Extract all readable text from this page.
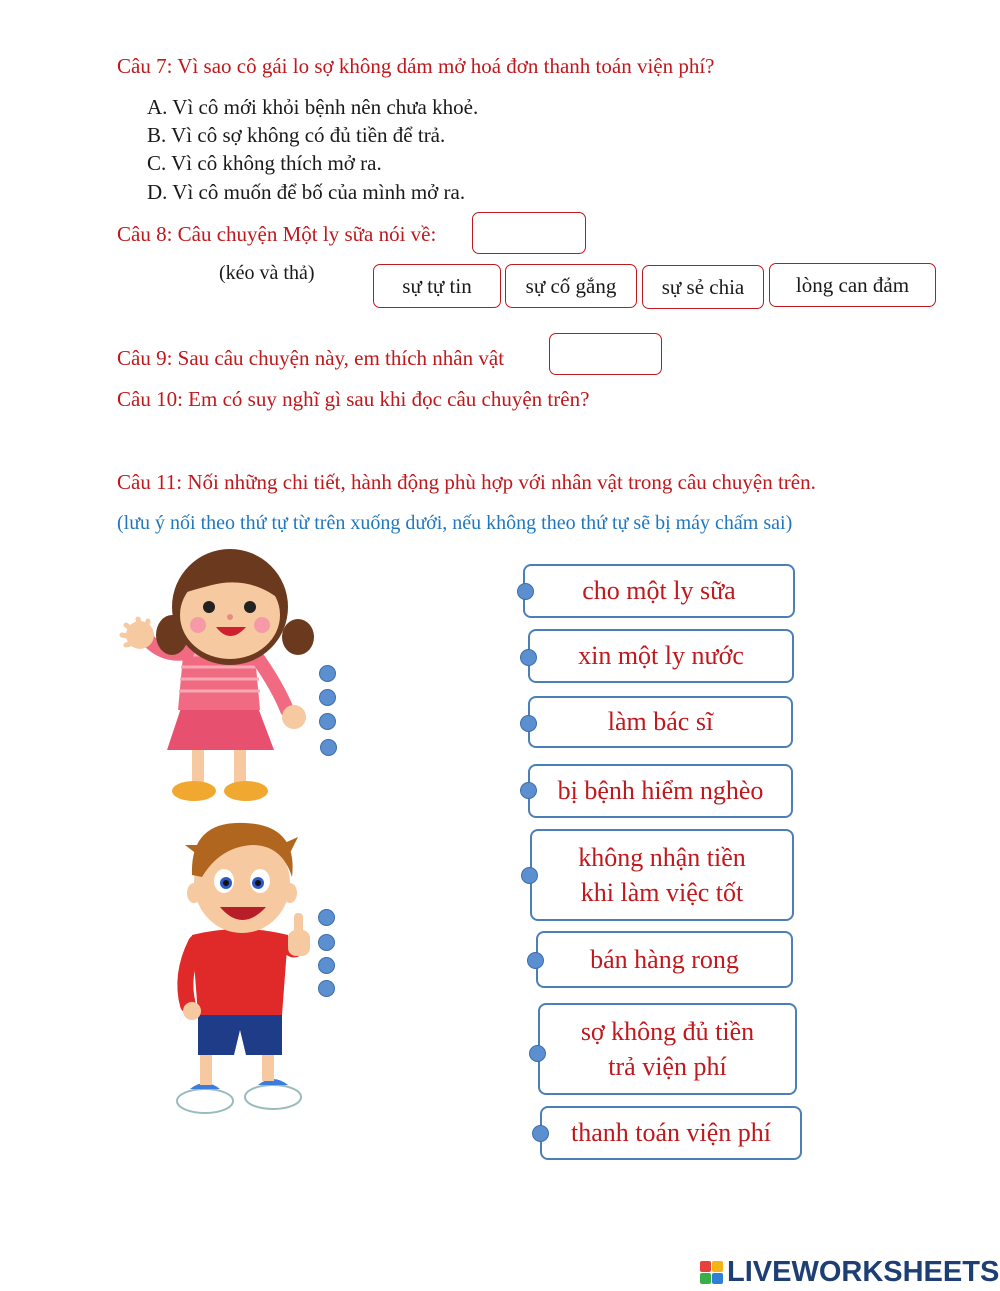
Câu 7: Vì sao cô gái lo sợ không dám mở hoá đơn thanh toán viện phí?
A. Vì cô mới khỏi bệnh nên chưa khoẻ.
B. Vì cô sợ không có đủ tiền để trả.
C. Vì cô không thích mở ra.
D. Vì cô muốn để bố của mình mở ra.
Câu 8: Câu chuyện Một ly sữa nói về:
(kéo và thả)
sự tự tin	sự cố gắng	sự sẻ chia	lòng can đảm
Câu 9: Sau câu chuyện này, em thích nhân vật
Câu 10: Em có suy nghĩ gì sau khi đọc câu chuyện trên?
Câu 11: Nối những chi tiết, hành động phù hợp với nhân vật trong câu chuyện trên.
(lưu ý nối theo thứ tự từ trên xuống dưới, nếu không theo thứ tự sẽ bị máy chấm sai)
cho một ly sữa
xin một ly nước
làm bác sĩ
bị bệnh hiểm nghèo
không nhận tiền
khi làm việc tốt
bán hàng rong
sợ không đủ tiền
trả viện phí
thanh toán viện phí
LIVEWORKSHEETS
